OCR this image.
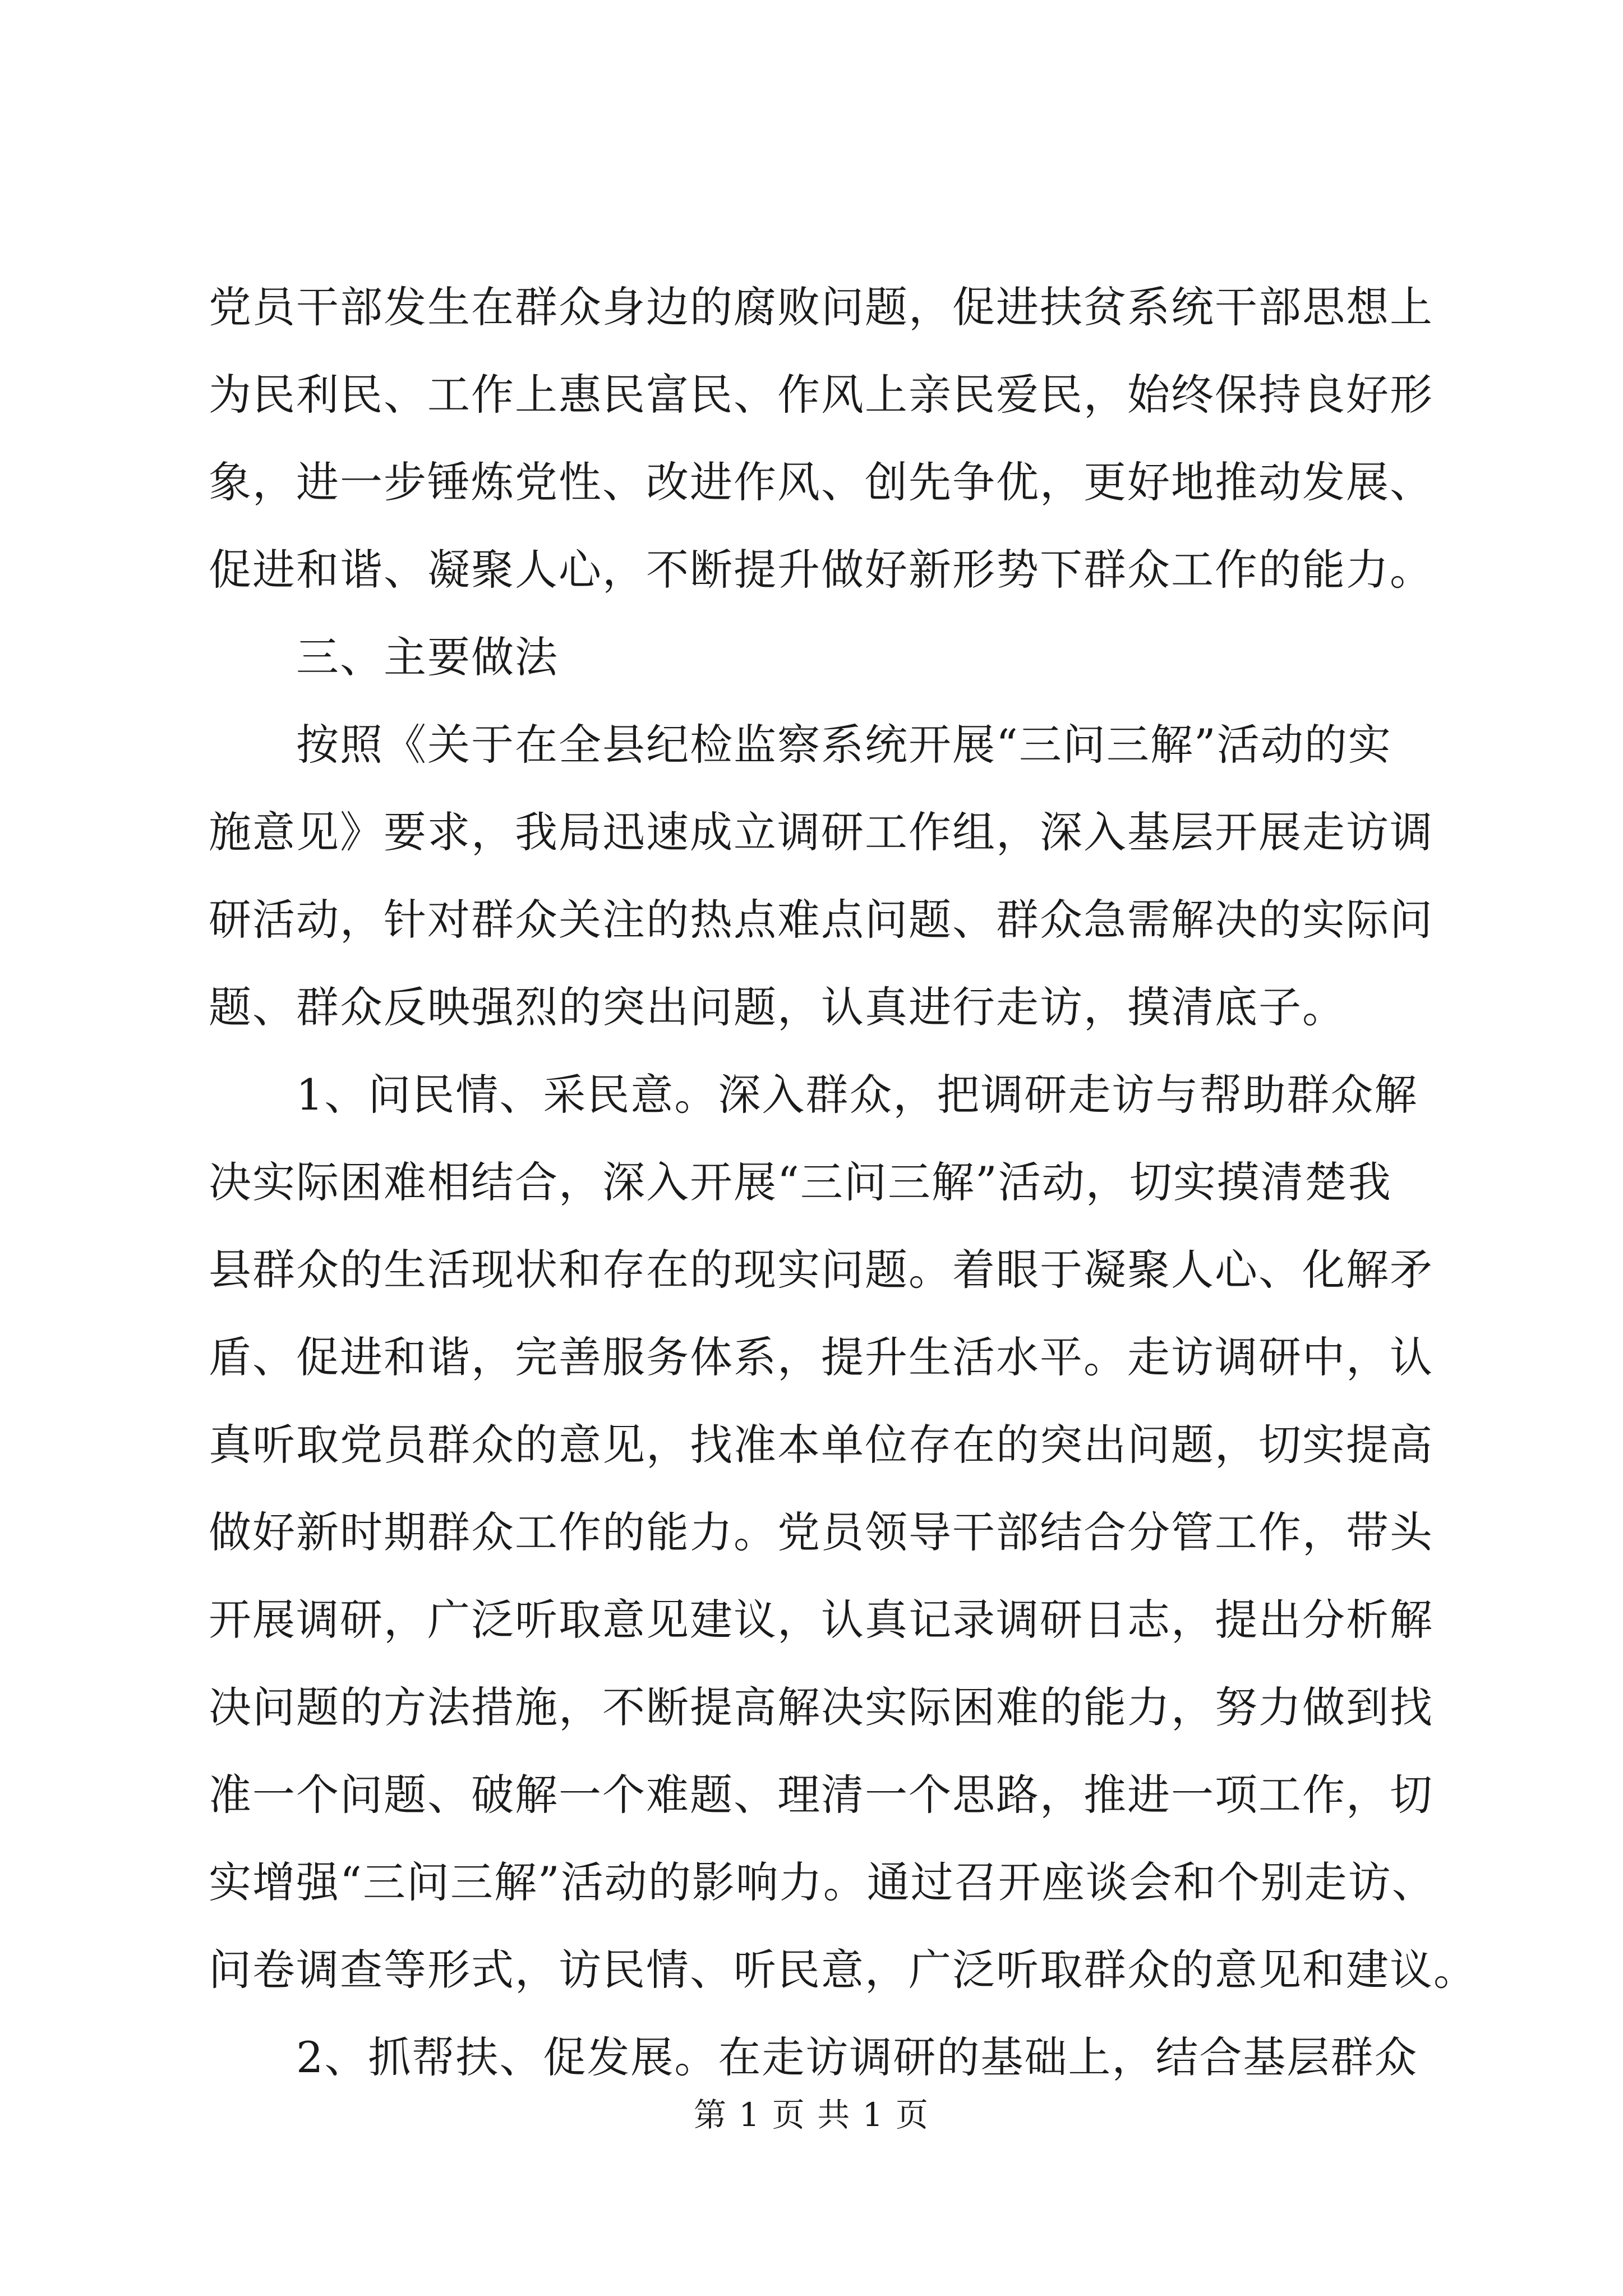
党员干部发生在群众身边的腐败问题，促进扶贫系统干部思想上
为民利民、工作上惠民富民、作风上亲民爱民，始终保持良好形
象，进一步锤炼党性、改进作风、创先争优，更好地推动发展、
促进和谐、凝聚人心，不断提升做好新形势下群众工作的能力。
三、主要做法
按照《关于在全县纪检监察系统开展“三问三解”活动的实
施意见》要求，我局迅速成立调研工作组，深入基层开展走访调
研活动，针对群众关注的热点难点问题、群众急需解决的实际问
题、群众反映强烈的突出问题，认真进行走访，摸清底子。
1、问民情、采民意。深入群众，把调研走访与帮助群众解
决实际困难相结合，深入开展“三问三解”活动，切实摸清楚我
县群众的生活现状和存在的现实问题。着眼于凝聚人心、化解矛
盾、促进和谐，完善服务体系，提升生活水平。走访调研中，认
真听取党员群众的意见，找准本单位存在的突出问题，切实提高
做好新时期群众工作的能力。党员领导干部结合分管工作，带头
开展调研，广泛听取意见建议，认真记录调研日志，提出分析解
决问题的方法措施，不断提高解决实际困难的能力，努力做到找
准一个问题、破解一个难题、理清一个思路，推进一项工作，切
实增强“三问三解”活动的影响力。通过召开座谈会和个别走访、
问卷调查等形式，访民情、听民意，广泛听取群众的意见和建议。
2、抓帮扶、促发展。在走访调研的基础上，结合基层群众
第 1 页 共 1 页
